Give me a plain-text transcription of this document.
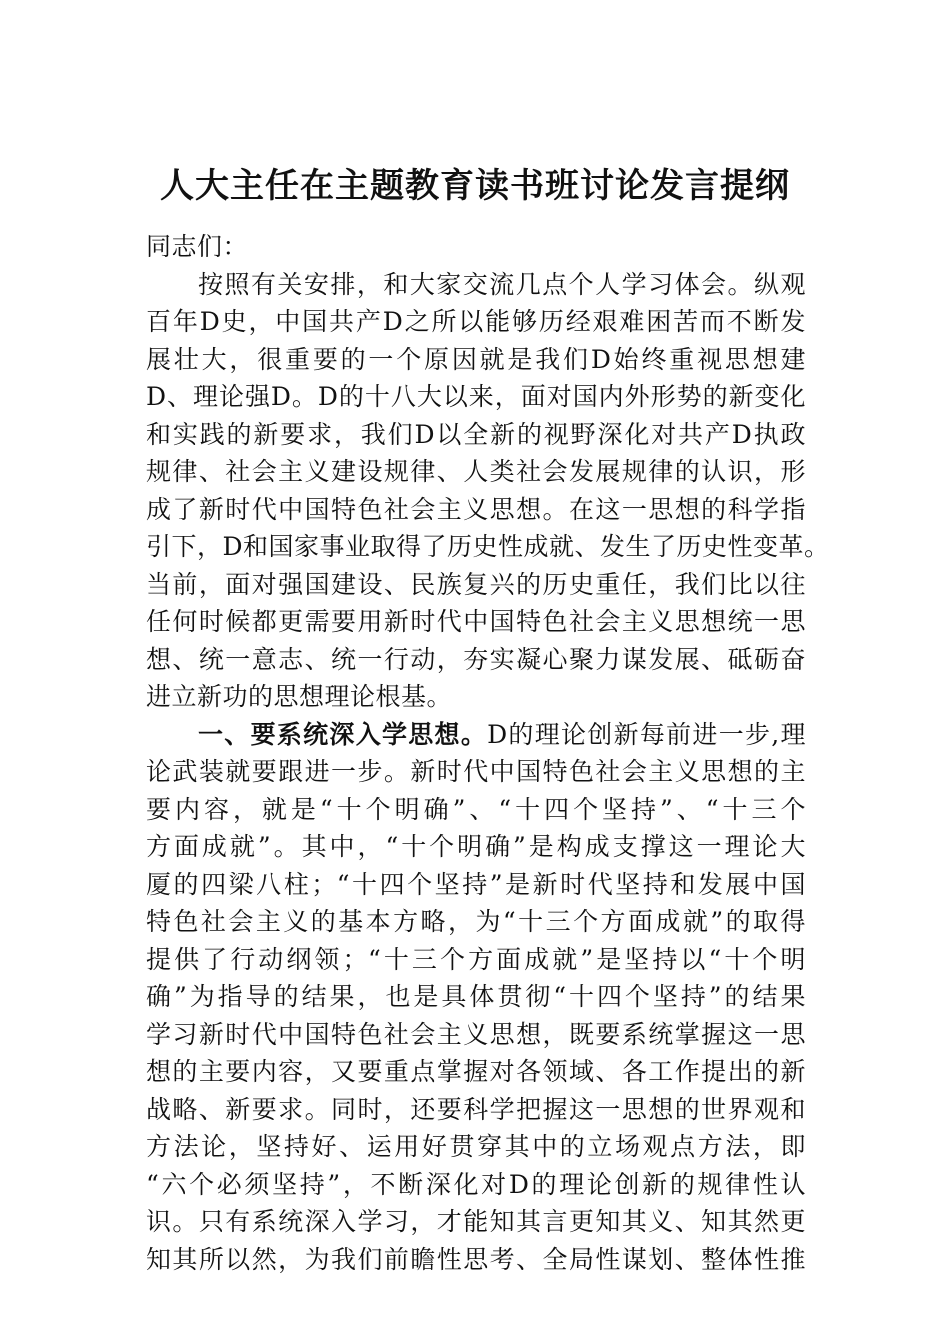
人大主任在主题教育读书班讨论发言提纲
同志们：
按照有关安排，和大家交流几点个人学习体会。纵观
百年D史，中国共产D之所以能够历经艰难困苦而不断发
展壮大，很重要的一个原因就是我们D始终重视思想建
D、理论强D。D的十八大以来，面对国内外形势的新变化
和实践的新要求，我们D以全新的视野深化对共产D执政
规律、社会主义建设规律、人类社会发展规律的认识，形
成了新时代中国特色社会主义思想。在这一思想的科学指
引下，D和国家事业取得了历史性成就、发生了历史性变革。
当前，面对强国建设、民族复兴的历史重任，我们比以往
任何时候都更需要用新时代中国特色社会主义思想统一思
想、统一意志、统一行动，夯实凝心聚力谋发展、砥砺奋
进立新功的思想理论根基。
一、要系统深入学思想。D的理论创新每前进一步,理
论武装就要跟进一步。新时代中国特色社会主义思想的主
要内容，就是“十个明确”、“十四个坚持”、“十三个
方面成就”。其中，“十个明确”是构成支撑这一理论大
厦的四梁八柱；“十四个坚持”是新时代坚持和发展中国
特色社会主义的基本方略，为“十三个方面成就”的取得
提供了行动纲领；“十三个方面成就”是坚持以“十个明
确”为指导的结果，也是具体贯彻“十四个坚持”的结果
学习新时代中国特色社会主义思想，既要系统掌握这一思
想的主要内容，又要重点掌握对各领域、各工作提出的新
战略、新要求。同时，还要科学把握这一思想的世界观和
方法论，坚持好、运用好贯穿其中的立场观点方法，即
“六个必须坚持”，不断深化对D的理论创新的规律性认
识。只有系统深入学习，才能知其言更知其义、知其然更
知其所以然，为我们前瞻性思考、全局性谋划、整体性推
